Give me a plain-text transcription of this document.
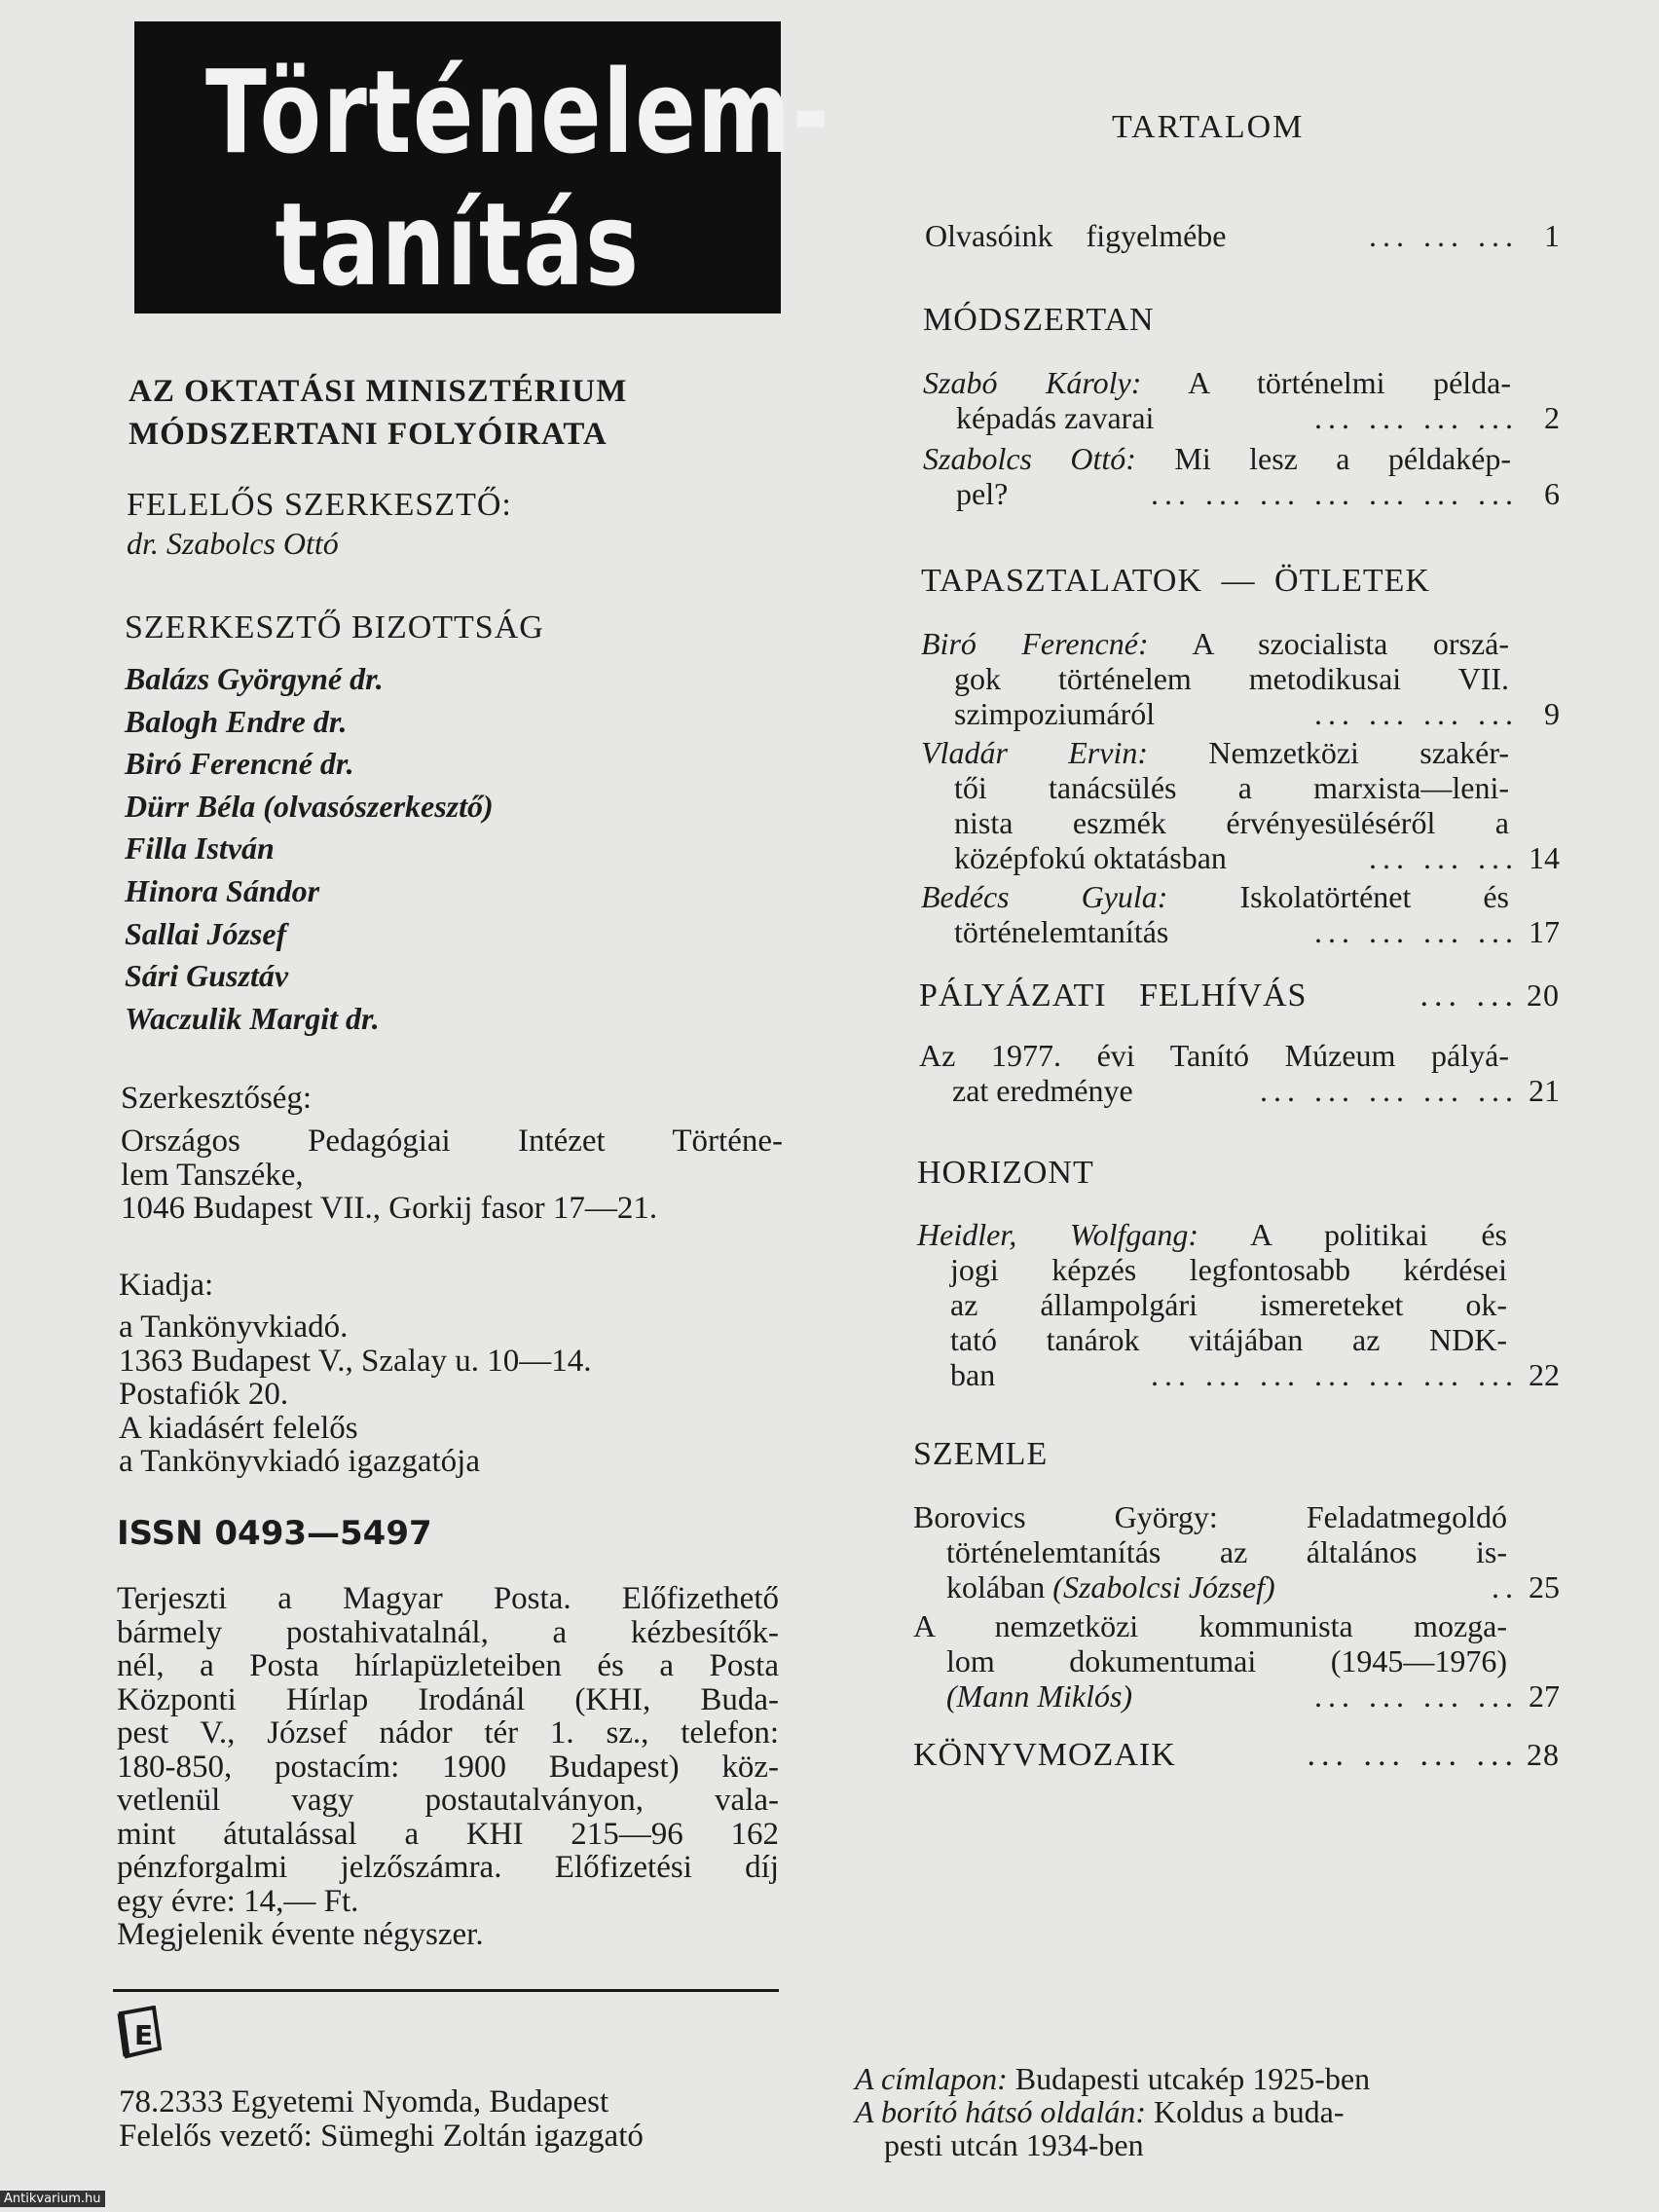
Történelem-
tanítás
AZ OKTATÁSI MINISZTÉRIUM
MÓDSZERTANI FOLYÓIRATA
FELELŐS SZERKESZTŐ:
dr. Szabolcs Ottó
SZERKESZTŐ BIZOTTSÁG
Balázs Györgyné dr.
Balogh Endre dr.
Biró Ferencné dr.
Dürr Béla (olvasószerkesztő)
Filla István
Hinora Sándor
Sallai József
Sári Gusztáv
Waczulik Margit dr.
Szerkesztőség:
Országos Pedagógiai Intézet Történe-
lem Tanszéke,
1046 Budapest VII., Gorkij fasor 17—21.
Kiadja:
a Tankönyvkiadó.
1363 Budapest V., Szalay u. 10—14.
Postafiók 20.
A kiadásért felelős
a Tankönyvkiadó igazgatója
ISSN 0493—5497
Terjeszti a Magyar Posta. Előfizethető
bármely postahivatalnál, a kézbesítők-
nél, a Posta hírlapüzleteiben és a Posta
Központi Hírlap Irodánál (KHI, Buda-
pest V., József nádor tér 1. sz., telefon:
180-850, postacím: 1900 Budapest) köz-
vetlenül vagy postautalványon, vala-
mint átutalással a KHI 215—96 162
pénzforgalmi jelzőszámra. Előfizetési díj
egy évre: 14,— Ft.
Megjelenik évente négyszer.
E
78.2333 Egyetemi Nyomda, Budapest
Felelős vezető: Sümeghi Zoltán igazgató
TARTALOM
Olvasóink figyelmébe	... ... ... 1
MÓDSZERTAN
Szabó Károly: A történelmi példa-
képadás zavarai	... ... ... ... 2
Szabolcs Ottó: Mi lesz a példakép-
pel?	... ... ... ... ... ... ... 6
TAPASZTALATOK — ÖTLETEK
Biró Ferencné: A szocialista orszá-
gok történelem metodikusai VII.
szimpoziumáról	... ... ... ... 9
Vladár Ervin: Nemzetközi szakér-
tői tanácsülés a marxista—leni-
nista eszmék érvényesüléséről a
középfokú oktatásban	... ... ... 14
Bedécs Gyula: Iskolatörténet és
történelemtanítás	... ... ... ... 17
PÁLYÁZATI FELHÍVÁS	... ... 20
Az 1977. évi Tanító Múzeum pályá-
zat eredménye	... ... ... ... ... 21
HORIZONT
Heidler, Wolfgang: A politikai és
jogi képzés legfontosabb kérdései
az állampolgári ismereteket ok-
tató tanárok vitájában az NDK-
ban	... ... ... ... ... ... ... 22
SZEMLE
Borovics György: Feladatmegoldó
történelemtanítás az általános is-
kolában (Szabolcsi József)	.. 25
A nemzetközi kommunista mozga-
lom dokumentumai (1945—1976)
(Mann Miklós)	... ... ... ... 27
KÖNYVMOZAIK	... ... ... ... 28
A címlapon: Budapesti utcakép 1925-ben
A borító hátsó oldalán: Koldus a buda-
pesti utcán 1934-ben
Antikvarium.hu
